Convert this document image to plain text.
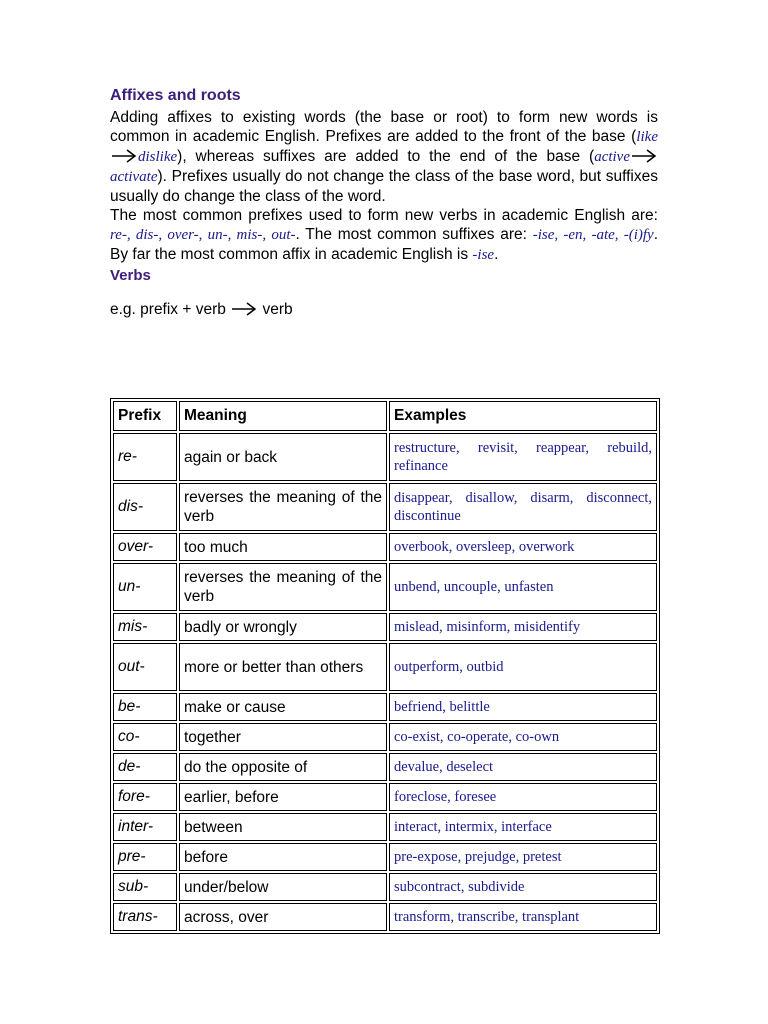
Affixes and roots

Adding affixes to existing words (the base or root) to form new words is common in academic English. Prefixes are added to the front of the base (likedislike), whereas suffixes are added to the end of the base (activeactivate). Prefixes usually do not change the class of the base word, but suffixes usually do change the class of the word.

The most common prefixes used to form new verbs in academic English are: re-, dis-, over-, un-, mis-, out-. The most common suffixes are: -ise, -en, -ate, -(i)fy. By far the most common affix in academic English is -ise.

Verbs
e.g. prefix + verb verb
Prefix	Meaning	Examples
re-	again or back	restructure, revisit, reappear, rebuild, refinance
dis-	reverses the meaning of the verb	disappear, disallow, disarm, disconnect, discontinue
over-	too much	overbook, oversleep, overwork
un-	reverses the meaning of the verb	unbend, uncouple, unfasten
mis-	badly or wrongly	mislead, misinform, misidentify
out-	more or better than others	outperform, outbid
be-	make or cause	befriend, belittle
co-	together	co-exist, co-operate, co-own
de-	do the opposite of	devalue, deselect
fore-	earlier, before	foreclose, foresee
inter-	between	interact, intermix, interface
pre-	before	pre-expose, prejudge, pretest
sub-	under/below	subcontract, subdivide
trans-	across, over	transform, transcribe, transplant
